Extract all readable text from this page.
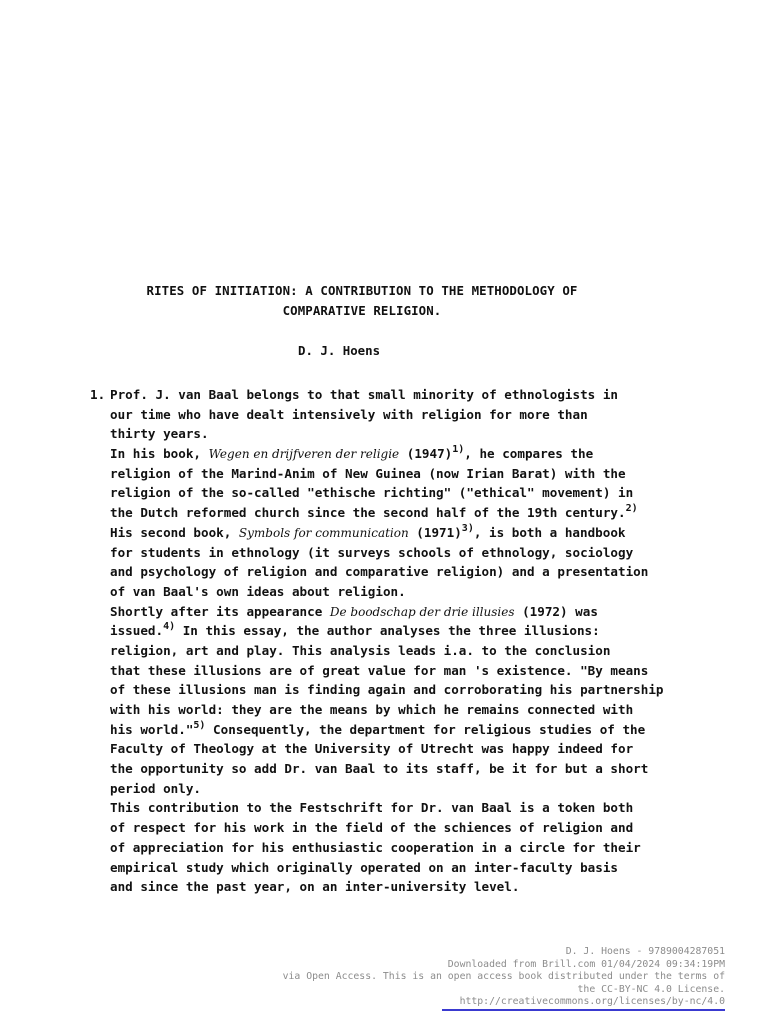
RITES OF INITIATION: A CONTRIBUTION TO THE METHODOLOGY OF
COMPARATIVE RELIGION.
D. J. Hoens
1. Prof. J. van Baal belongs to that small minority of ethnologists in
our time who have dealt intensively with religion for more than
thirty years.
In his book, Wegen en drijfveren der religie $(1947)^{1)}$, he compares the
religion of the Marind-Anim of New Guinea (now Irian Barat) with the
religion of the so-called "ethische richting" ("ethical" movement) in
the Dutch reformed church since the second half of the 19th century.$^{2)}$
His second book, Symbols for communication $(1971)^{3)}$, is both a handbook
for students in ethnology (it surveys schools of ethnology, sociology
and psychology of religion and comparative religion) and a presentation
of van Baal's own ideas about religion.
Shortly after its appearance De boodschap der drie illusies (1972) was
issued.$^{4)}$ In this essay, the author analyses the three illusions:
religion, art and play. This analysis leads i.a. to the conclusion
that these illusions are of great value for man 's existence. "By means
of these illusions man is finding again and corroborating his partnership
with his world: they are the means by which he remains connected with
his world."$^{5)}$ Consequently, the department for religious studies of the
Faculty of Theology at the University of Utrecht was happy indeed for
the opportunity so add Dr. van Baal to its staff, be it for but a short
period only.
This contribution to the Festschrift for Dr. van Baal is a token both
of respect for his work in the field of the schiences of religion and
of appreciation for his enthusiastic cooperation in a circle for their
empirical study which originally operated on an inter-faculty basis
and since the past year, on an inter-university level.
D. J. Hoens - 9789004287051
Downloaded from Brill.com 01/04/2024 09:34:19PM
via Open Access. This is an open access book distributed under the terms of
the CC-BY-NC 4.0 License.
http://creativecommons.org/licenses/by-nc/4.0
